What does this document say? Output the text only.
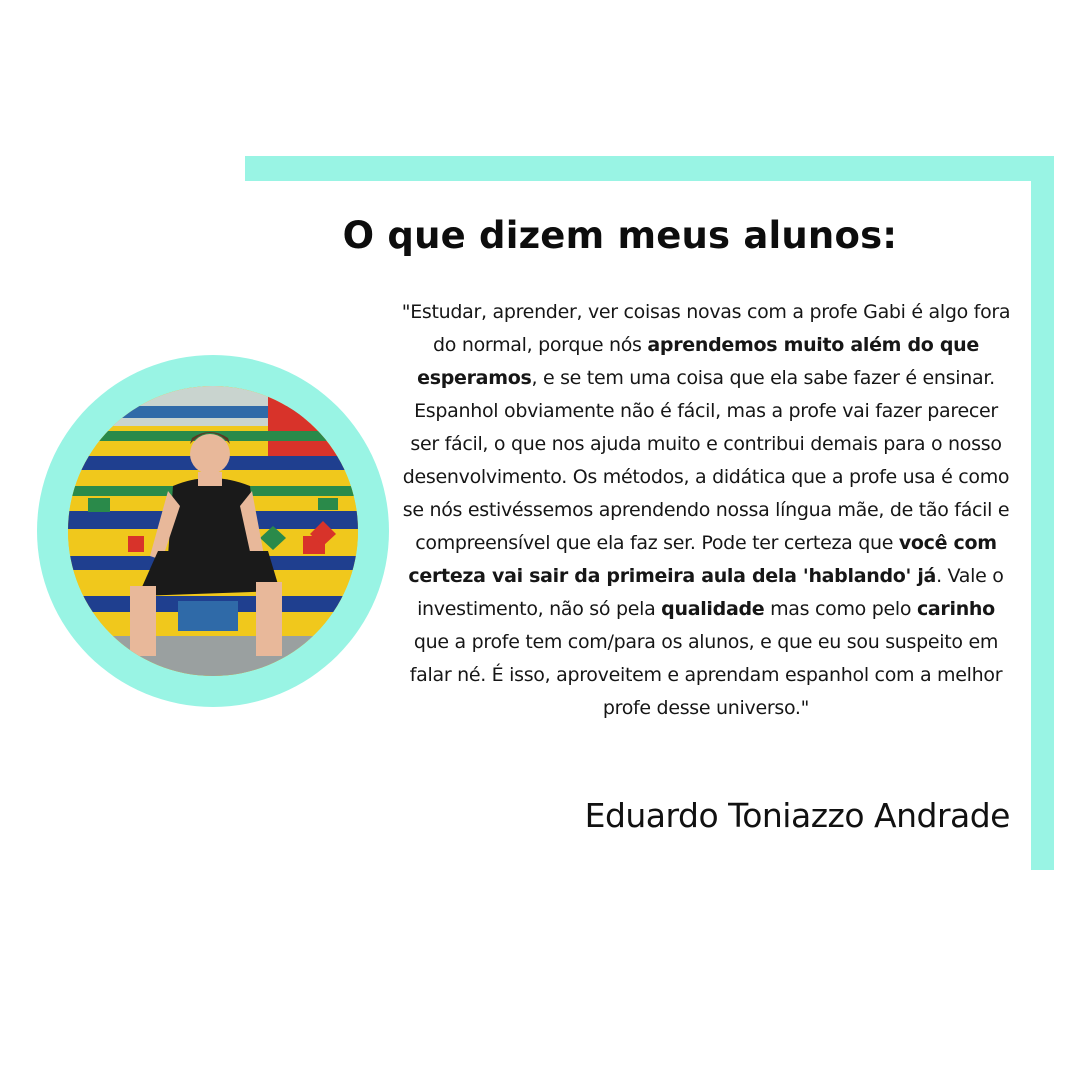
O que dizem meus alunos:

"Estudar, aprender, ver coisas novas com a profe Gabi é algo fora do normal, porque nós aprendemos muito além do que esperamos, e se tem uma coisa que ela sabe fazer é ensinar. Espanhol obviamente não é fácil, mas a profe vai fazer parecer ser fácil, o que nos ajuda muito e contribui demais para o nosso desenvolvimento. Os métodos, a didática que a profe usa é como se nós estivéssemos aprendendo nossa língua mãe, de tão fácil e compreensível que ela faz ser. Pode ter certeza que você com certeza vai sair da primeira aula dela 'hablando' já. Vale o investimento, não só pela qualidade mas como pelo carinho que a profe tem com/para os alunos, e que eu sou suspeito em falar né. É isso, aproveitem e aprendam espanhol com a melhor profe desse universo."

Eduardo Toniazzo Andrade
